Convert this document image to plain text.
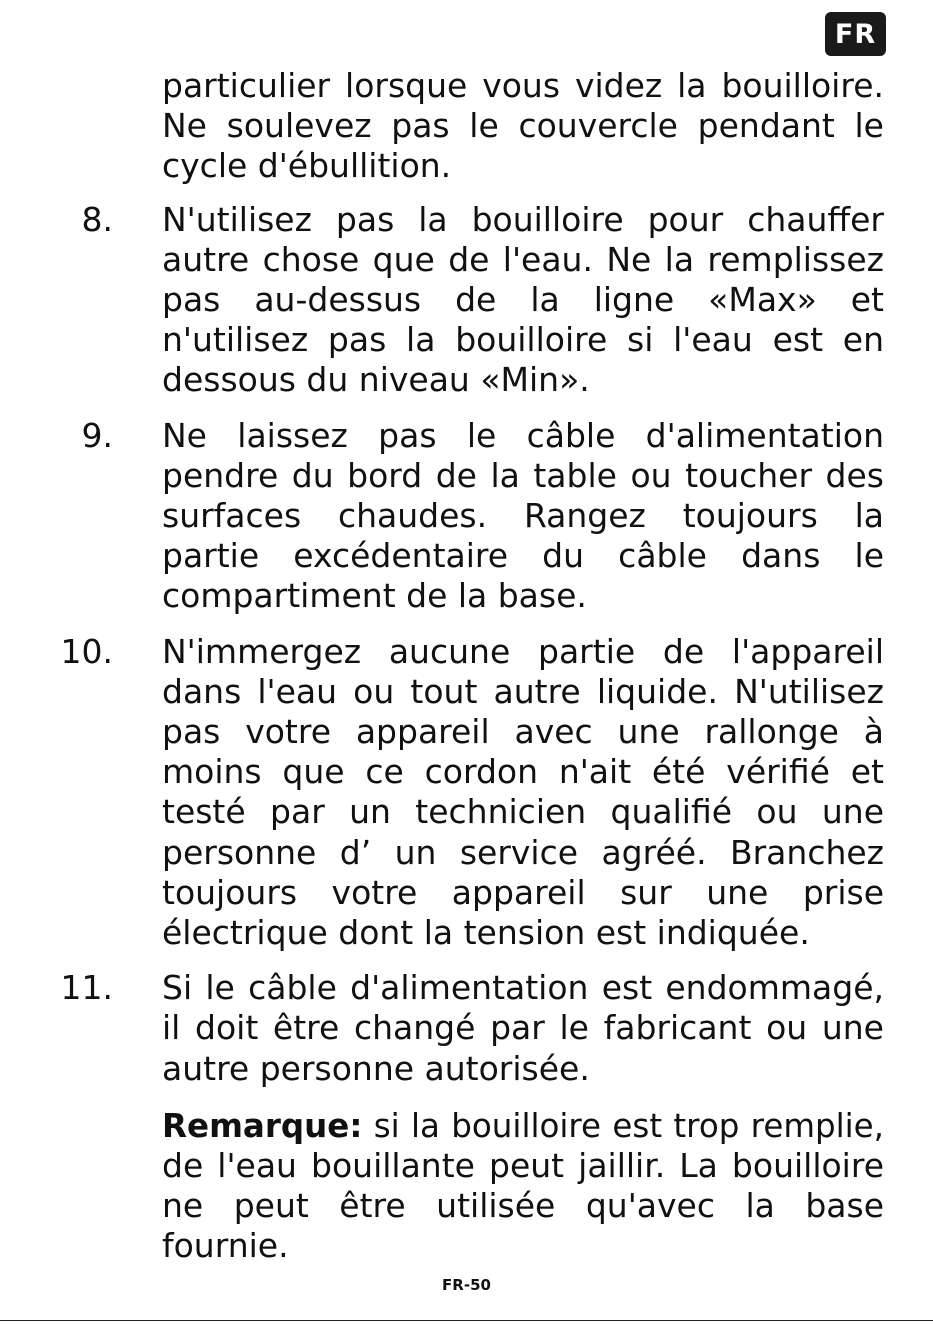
FR
particulier lorsque vous videz la bouilloire.
Ne soulevez pas le couvercle pendant le
cycle d'ébullition.
8. N'utilisez pas la bouilloire pour chauffer
autre chose que de l'eau. Ne la remplissez
pas au-dessus de la ligne «Max» et
n'utilisez pas la bouilloire si l'eau est en
dessous du niveau «Min».
9. Ne laissez pas le câble d'alimentation
pendre du bord de la table ou toucher des
surfaces chaudes. Rangez toujours la
partie excédentaire du câble dans le
compartiment de la base.
10. N'immergez aucune partie de l'appareil
dans l'eau ou tout autre liquide. N'utilisez
pas votre appareil avec une rallonge à
moins que ce cordon n'ait été vérifié et
testé par un technicien qualifié ou une
personne d’ un service agréé. Branchez
toujours votre appareil sur une prise
électrique dont la tension est indiquée.
11. Si le câble d'alimentation est endommagé,
il doit être changé par le fabricant ou une
autre personne autorisée.
Remarque: si la bouilloire est trop remplie,
de l'eau bouillante peut jaillir. La bouilloire
ne peut être utilisée qu'avec la base
fournie.
FR-50
